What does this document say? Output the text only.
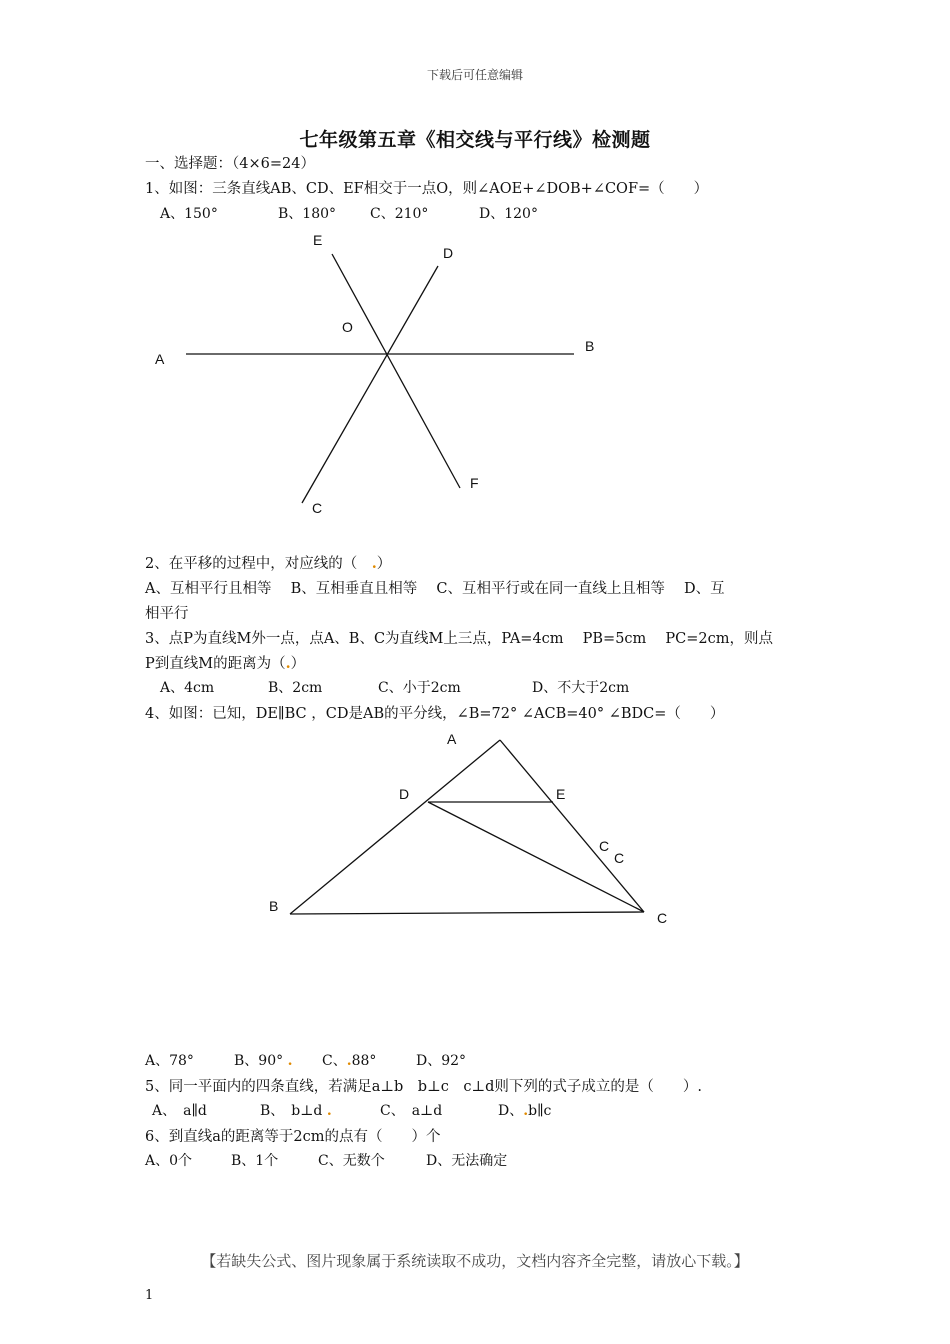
下载后可任意编辑
七年级第五章《相交线与平行线》检测题
一、选择题：（4×6=24）
1、如图：三条直线AB、CD、EF相交于一点O，则∠AOE+∠DOB+∠COF=（　　）
A、150°	B、180° C、210°	D、120°
E
D
O
A
B
F
C
A
D	E
C
C
B
C
2、在平移的过程中，对应线的（　.）
A、互相平行且相等　 B、互相垂直且相等　 C、互相平行或在同一直线上且相等　 D、互
相平行
3、点P为直线M外一点，点A、B、C为直线M上三点，PA=4cm　 PB=5cm　 PC=2cm，则点
P到直线M的距离为（.）
A、4cm	B、2cm	C、小于2cm	D、不大于2cm
4、如图：已知，DE∥BC ，CD是AB的平分线，∠B=72° ∠ACB=40° ∠BDC=（　　）
A、78°	B、90° . C、.88°	D、92°
5、同一平面内的四条直线，若满足a⊥b　b⊥c　c⊥d则下列的式子成立的是（　　）.
A、　a∥d	B、　b⊥d .	C、　a⊥d	D、.b∥c
6、到直线a的距离等于2cm的点有（　　）个
A、0个	B、1个	C、无数个	D、无法确定
【若缺失公式、图片现象属于系统读取不成功，文档内容齐全完整，请放心下载。】
1
